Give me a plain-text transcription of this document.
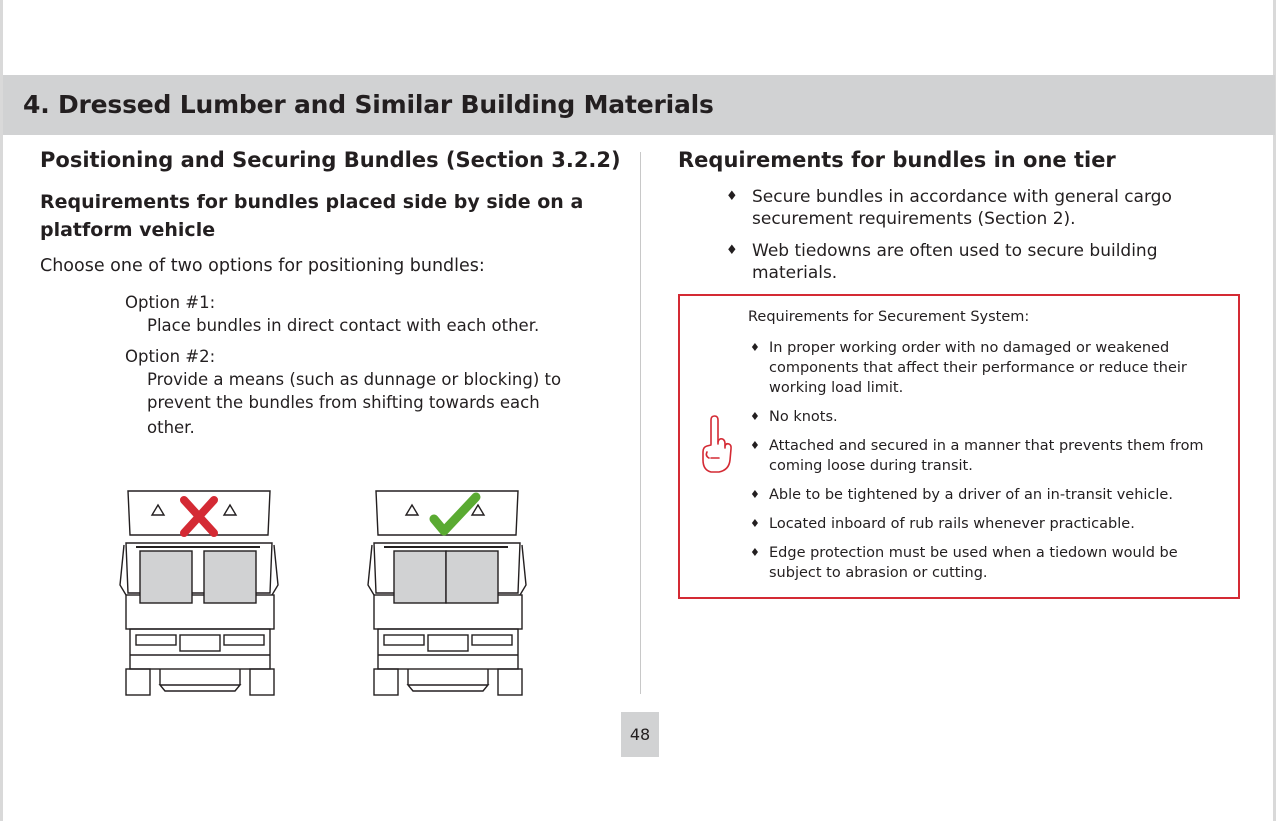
4. Dressed Lumber and Similar Building Materials
Positioning and Securing Bundles (Section 3.2.2)
Requirements for bundles placed side by side on a platform vehicle
Choose one of two options for positioning bundles:
Option #1:
Place bundles in direct contact with each other.
Option #2:
Provide a means (such as dunnage or blocking) to
prevent the bundles from shifting towards each
other.
Requirements for bundles in one tier
♦ Secure bundles in accordance with general cargo
securement requirements (Section 2).
♦ Web tiedowns are often used to secure building
materials.
Requirements for Securement System:
♦ In proper working order with no damaged or weakened
components that affect their performance or reduce their
working load limit.
♦ No knots.
♦ Attached and secured in a manner that prevents them from
coming loose during transit.
♦ Able to be tightened by a driver of an in-transit vehicle.
♦ Located inboard of rub rails whenever practicable.
♦ Edge protection must be used when a tiedown would be
subject to abrasion or cutting.
48
